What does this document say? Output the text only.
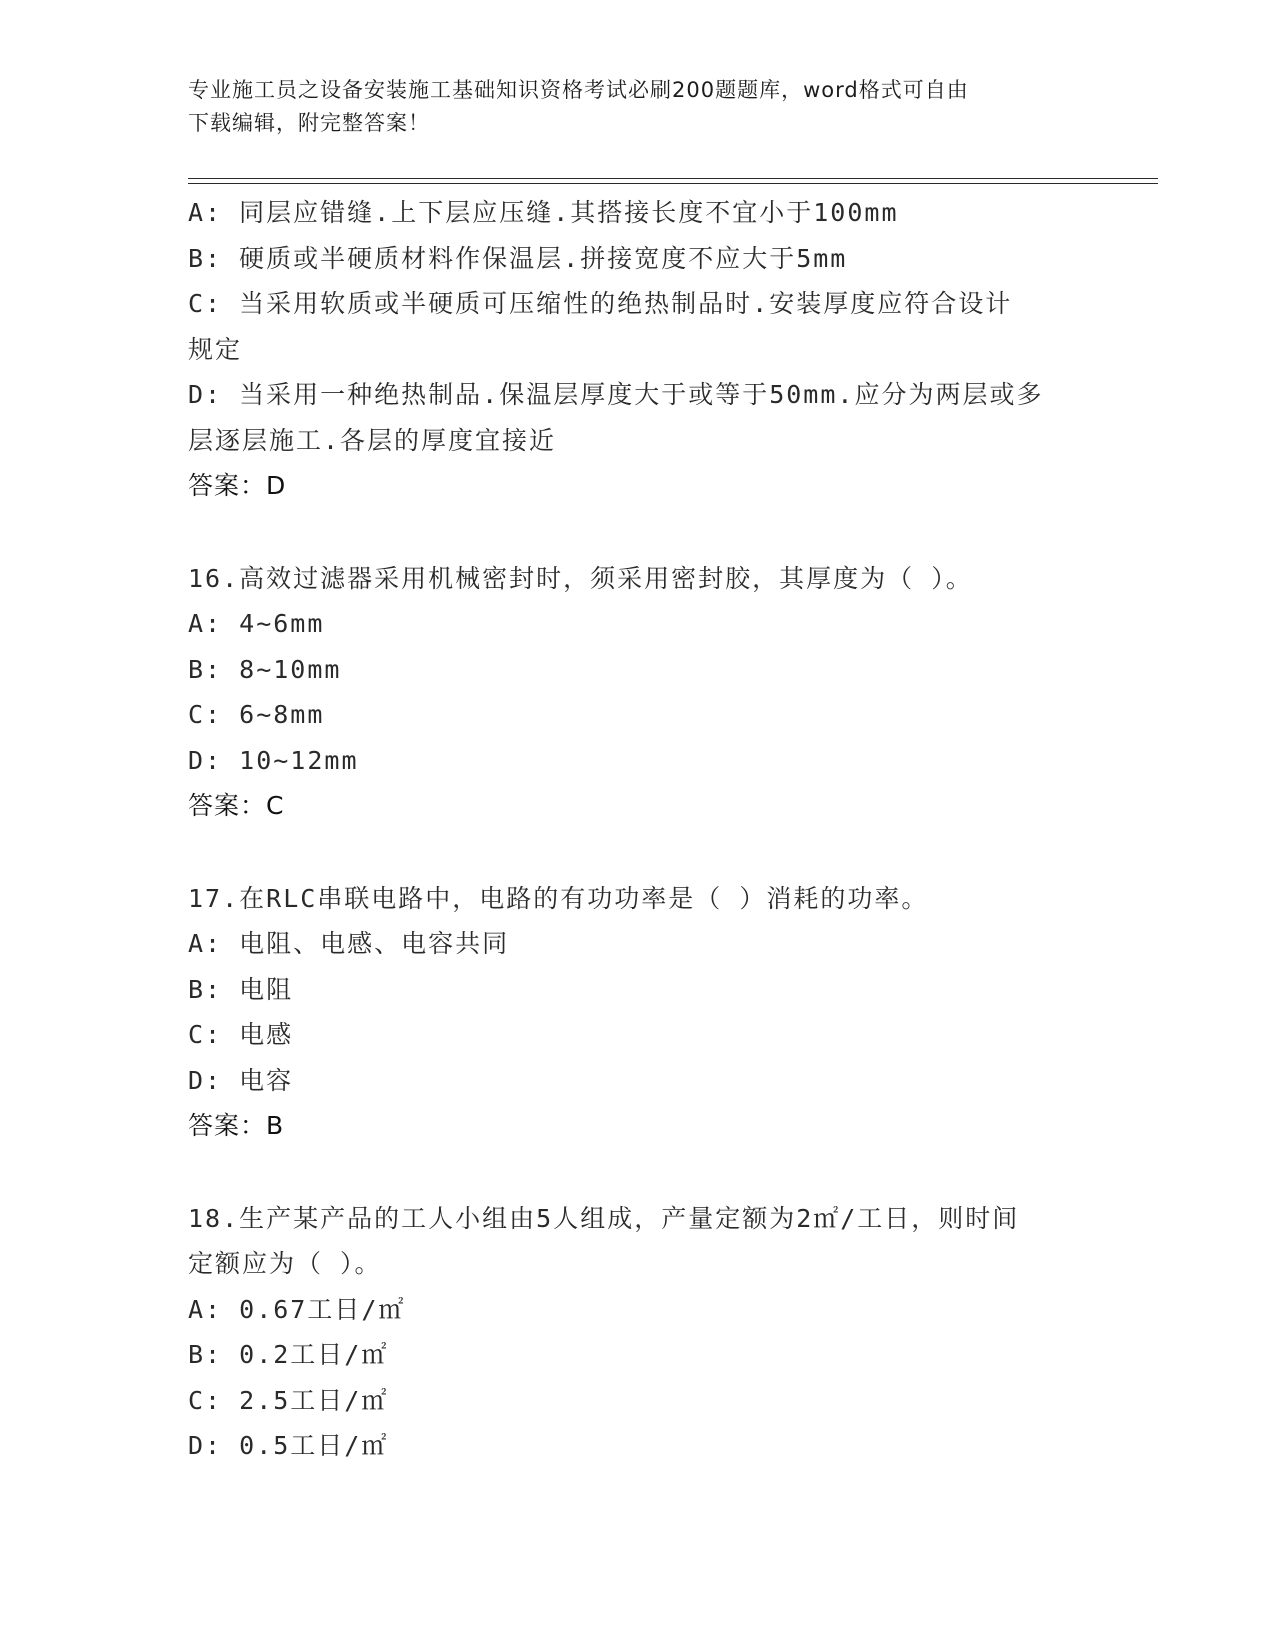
专业施工员之设备安装施工基础知识资格考试必刷200题题库，word格式可自由
下载编辑，附完整答案！
A: 同层应错缝.上下层应压缝.其搭接长度不宜小于100mm
B: 硬质或半硬质材料作保温层.拼接宽度不应大于5mm
C: 当采用软质或半硬质可压缩性的绝热制品时.安装厚度应符合设计
规定
D: 当采用一种绝热制品.保温层厚度大于或等于50mm.应分为两层或多
层逐层施工.各层的厚度宜接近
答案：D
16.高效过滤器采用机械密封时，须采用密封胶，其厚度为（ ）。
A: 4~6mm
B: 8~10mm
C: 6~8mm
D: 10~12mm
答案：C
17.在RLC串联电路中，电路的有功功率是（ ）消耗的功率。
A: 电阻、电感、电容共同
B: 电阻
C: 电感
D: 电容
答案：B
18.生产某产品的工人小组由5人组成，产量定额为2㎡/工日，则时间
定额应为（ ）。
A: 0.67工日/㎡
B: 0.2工日/㎡
C: 2.5工日/㎡
D: 0.5工日/㎡
